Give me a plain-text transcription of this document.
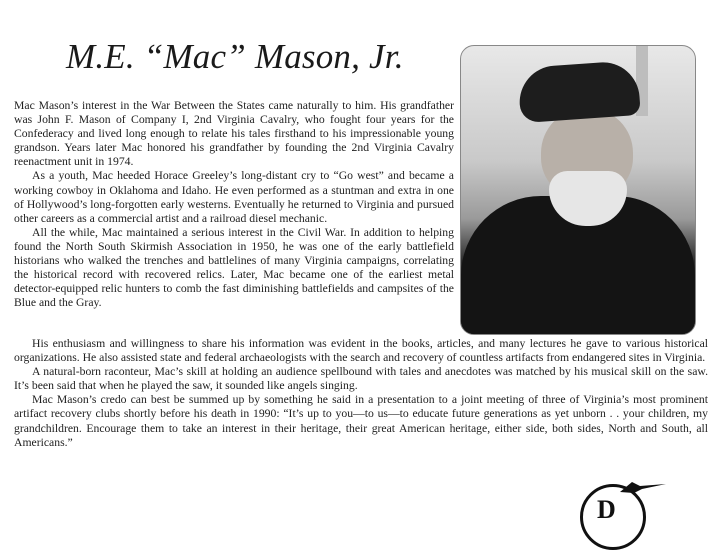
M.E. “Mac” Mason, Jr.

Mac Mason’s interest in the War Between the States came naturally to him. His grandfather was John F. Mason of Company I, 2nd Virginia Cavalry, who fought four years for the Confederacy and lived long enough to relate his tales firsthand to his impressionable young grandson. Years later Mac honored his grandfather by founding the 2nd Virginia Cavalry reenactment unit in 1974.

As a youth, Mac heeded Horace Greeley’s long-distant cry to “Go west” and became a working cowboy in Oklahoma and Idaho. He even performed as a stuntman and extra in one of Hollywood’s long-forgotten early westerns. Eventually he returned to Virginia and pursued other careers as a commercial artist and a railroad diesel mechanic.

All the while, Mac maintained a serious interest in the Civil War. In addition to helping found the North South Skirmish Association in 1950, he was one of the early battlefield historians who walked the trenches and battlelines of many Virginia campaigns, correlating the historical record with recovered relics. Later, Mac became one of the earliest metal detector-equipped relic hunters to comb the fast diminishing battlefields and campsites of the Blue and the Gray.

His enthusiasm and willingness to share his information was evident in the books, articles, and many lectures he gave to various historical organizations. He also assisted state and federal archaeologists with the search and recovery of countless artifacts from endangered sites in Virginia.

A natural-born raconteur, Mac’s skill at holding an audience spellbound with tales and anecdotes was matched by his musical skill on the saw. It’s been said that when he played the saw, it sounded like angels singing.

Mac Mason’s credo can best be summed up by something he said in a presentation to a joint meeting of three of Virginia’s most prominent artifact recovery clubs shortly before his death in 1990: “It’s up to you—to us—to educate future generations as yet unborn . . your children, my grandchildren. Encourage them to take an interest in their heritage, their great American heritage, either side, both sides, North and South, all Americans.”

D
